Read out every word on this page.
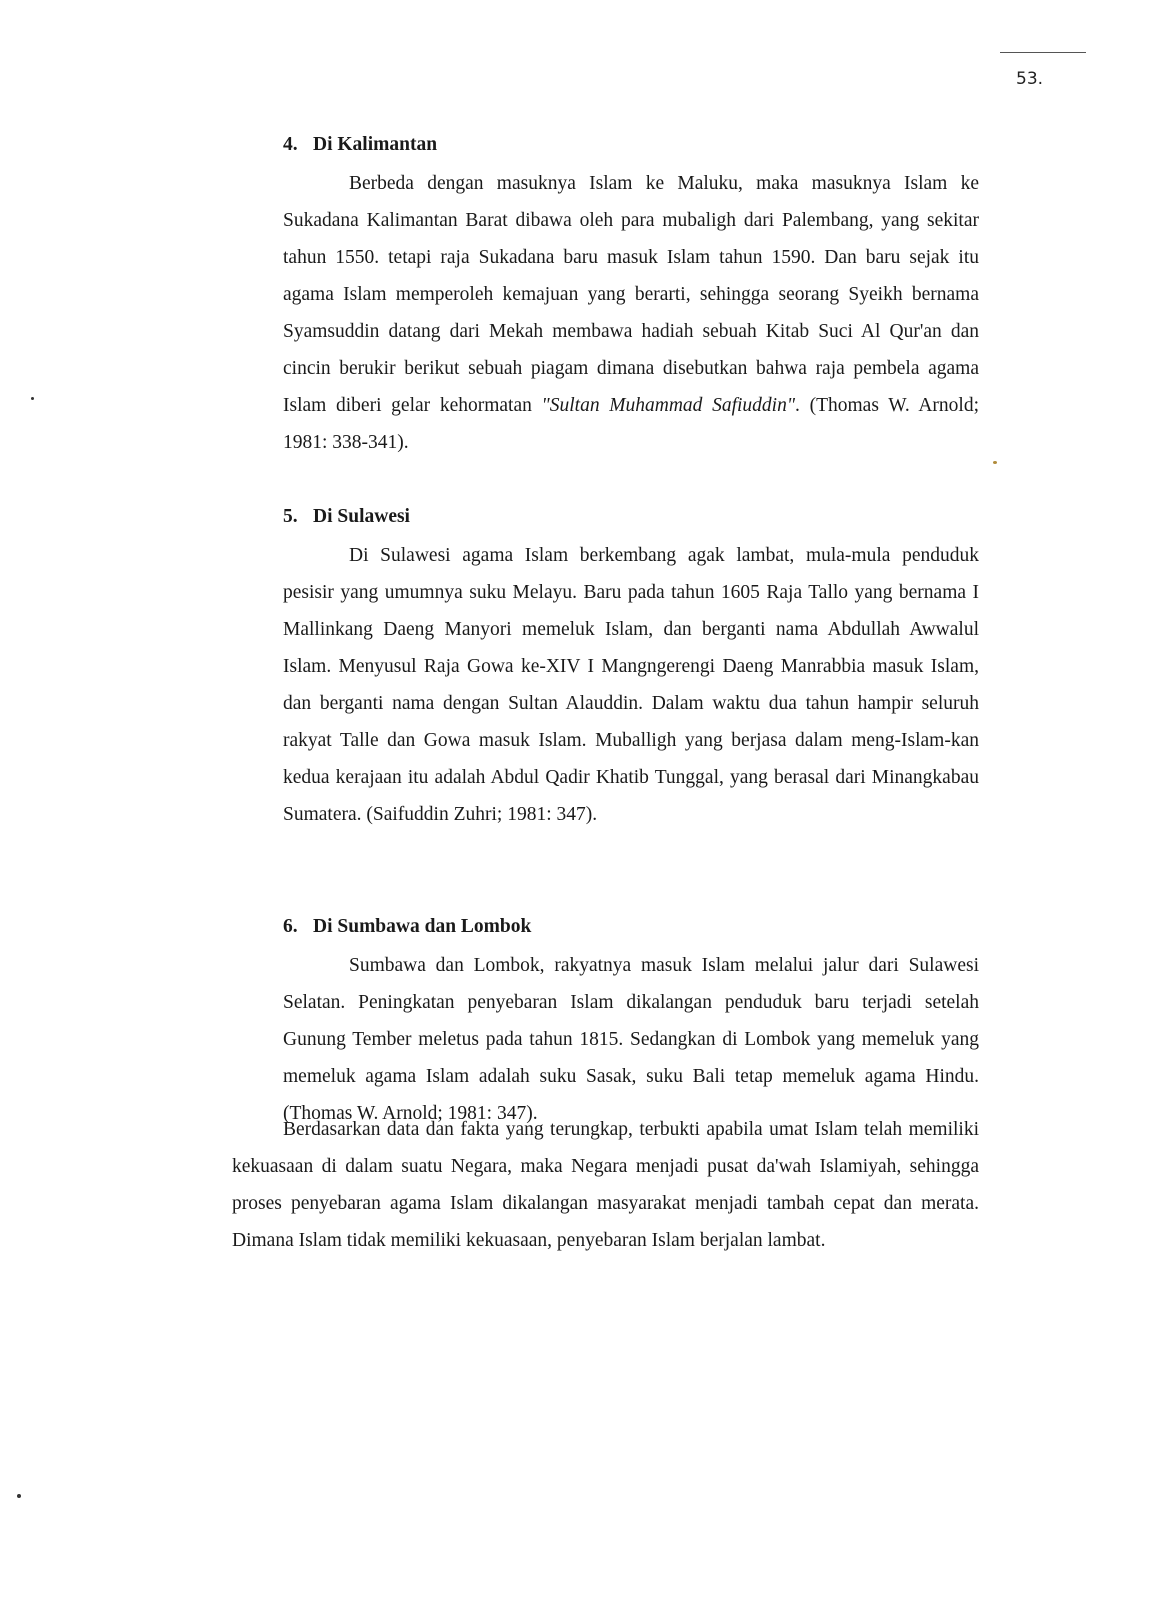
53.
4. Di Kalimantan

Berbeda dengan masuknya Islam ke Maluku, maka masuknya Islam ke Sukadana Kalimantan Barat dibawa oleh para mubaligh dari Palembang, yang sekitar tahun 1550. tetapi raja Sukadana baru masuk Islam tahun 1590. Dan baru sejak itu agama Islam memperoleh kemajuan yang berarti, sehingga seorang Syeikh bernama Syamsuddin datang dari Mekah membawa hadiah sebuah Kitab Suci Al Qur'an dan cincin berukir berikut sebuah piagam dimana disebutkan bahwa raja pembela agama Islam diberi gelar kehormatan "Sultan Muhammad Safiuddin". (Thomas W. Arnold; 1981: 338-341).

5. Di Sulawesi

Di Sulawesi agama Islam berkembang agak lambat, mula-mula penduduk pesisir yang umumnya suku Melayu. Baru pada tahun 1605 Raja Tallo yang bernama I Mallinkang Daeng Manyori memeluk Islam, dan berganti nama Abdullah Awwalul Islam. Menyusul Raja Gowa ke-XIV I Mangngerengi Daeng Manrabbia masuk Islam, dan berganti nama dengan Sultan Alauddin. Dalam waktu dua tahun hampir seluruh rakyat Talle dan Gowa masuk Islam. Muballigh yang berjasa dalam meng-Islam-kan kedua kerajaan itu adalah Abdul Qadir Khatib Tunggal, yang berasal dari Minangkabau Sumatera. (Saifuddin Zuhri; 1981: 347).

6. Di Sumbawa dan Lombok

Sumbawa dan Lombok, rakyatnya masuk Islam melalui jalur dari Sulawesi Selatan. Peningkatan penyebaran Islam dikalangan penduduk baru terjadi setelah Gunung Tember meletus pada tahun 1815. Sedangkan di Lombok yang memeluk yang memeluk agama Islam adalah suku Sasak, suku Bali tetap memeluk agama Hindu. (Thomas W. Arnold; 1981: 347).

Berdasarkan data dan fakta yang terungkap, terbukti apabila umat Islam telah memiliki kekuasaan di dalam suatu Negara, maka Negara menjadi pusat da'wah Islamiyah, sehingga proses penyebaran agama Islam dikalangan masyarakat menjadi tambah cepat dan merata. Dimana Islam tidak memiliki kekuasaan, penyebaran Islam berjalan lambat.
